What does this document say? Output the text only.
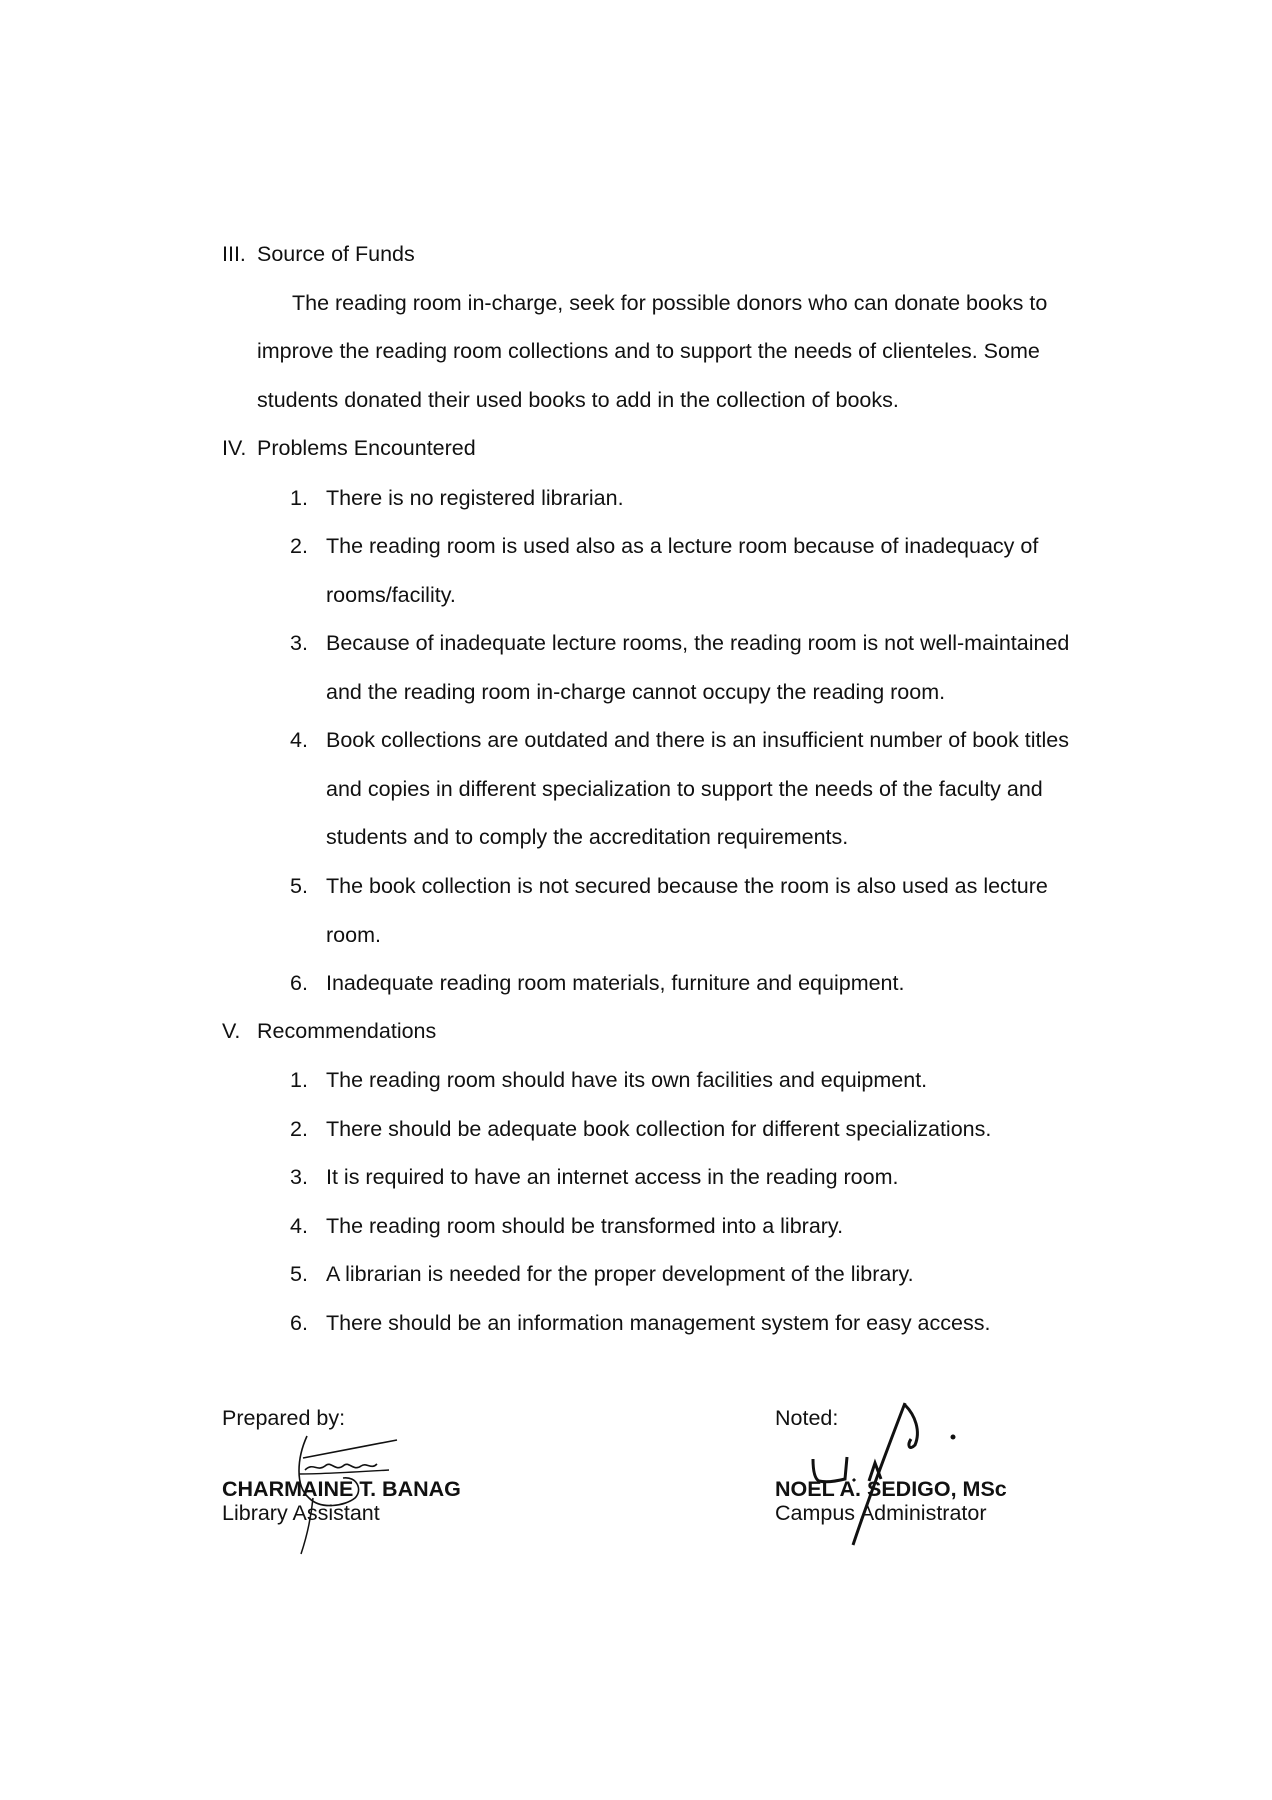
III. Source of Funds
The reading room in-charge, seek for possible donors who can donate books to
improve the reading room collections and to support the needs of clienteles. Some
students donated their used books to add in the collection of books.
IV. Problems Encountered
1. There is no registered librarian.
2. The reading room is used also as a lecture room because of inadequacy of
rooms/facility.
3. Because of inadequate lecture rooms, the reading room is not well-maintained
and the reading room in-charge cannot occupy the reading room.
4. Book collections are outdated and there is an insufficient number of book titles
and copies in different specialization to support the needs of the faculty and
students and to comply the accreditation requirements.
5. The book collection is not secured because the room is also used as lecture
room.
6. Inadequate reading room materials, furniture and equipment.
V. Recommendations
1. The reading room should have its own facilities and equipment.
2. There should be adequate book collection for different specializations.
3. It is required to have an internet access in the reading room.
4. The reading room should be transformed into a library.
5. A librarian is needed for the proper development of the library.
6. There should be an information management system for easy access.
Prepared by:
CHARMAINE T. BANAG
Library Assistant
Noted:
NOEL A. SEDIGO, MSc
Campus Administrator
